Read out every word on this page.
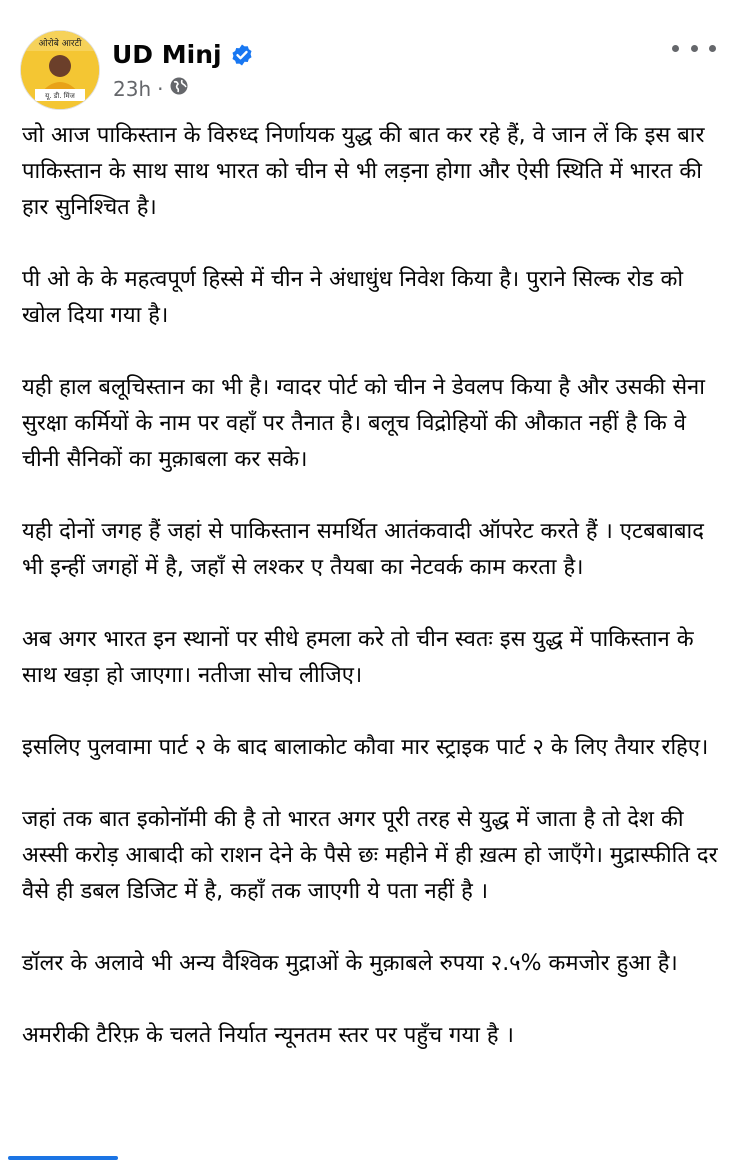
ओरोबे आरटी
यू. डी. मिंज
UD Minj
23h ·

जो आज पाकिस्तान के विरुध्द निर्णायक युद्ध की बात कर रहे हैं, वे जान लें कि इस बार पाकिस्तान के साथ साथ भारत को चीन से भी लड़ना होगा और ऐसी स्थिति में भारत की हार सुनिश्चित है।

पी ओ के के महत्वपूर्ण हिस्से में चीन ने अंधाधुंध निवेश किया है। पुराने सिल्क रोड को खोल दिया गया है।

यही हाल बलूचिस्तान का भी है। ग्वादर पोर्ट को चीन ने डेवलप किया है और उसकी सेना सुरक्षा कर्मियों के नाम पर वहाँ पर तैनात है। बलूच विद्रोहियों की औकात नहीं है कि वे चीनी सैनिकों का मुक़ाबला कर सके।

यही दोनों जगह हैं जहां से पाकिस्तान समर्थित आतंकवादी ऑपरेट करते हैं । एटबबाबाद भी इन्हीं जगहों में है, जहाँ से लश्कर ए तैयबा का नेटवर्क काम करता है।

अब अगर भारत इन स्थानों पर सीधे हमला करे तो चीन स्वतः इस युद्ध में पाकिस्तान के साथ खड़ा हो जाएगा। नतीजा सोच लीजिए।

इसलिए पुलवामा पार्ट २ के बाद बालाकोट कौवा मार स्ट्राइक पार्ट २ के लिए तैयार रहिए।

जहां तक बात इकोनॉमी की है तो भारत अगर पूरी तरह से युद्ध में जाता है तो देश की अस्सी करोड़ आबादी को राशन देने के पैसे छः महीने में ही ख़त्म हो जाएँगे। मुद्रास्फीति दर वैसे ही डबल डिजिट में है, कहाँ तक जाएगी ये पता नहीं है ।

डॉलर के अलावे भी अन्य वैश्विक मुद्राओं के मुक़ाबले रुपया २.५% कमजोर हुआ है।

अमरीकी टैरिफ़ के चलते निर्यात न्यूनतम स्तर पर पहुँच गया है ।
